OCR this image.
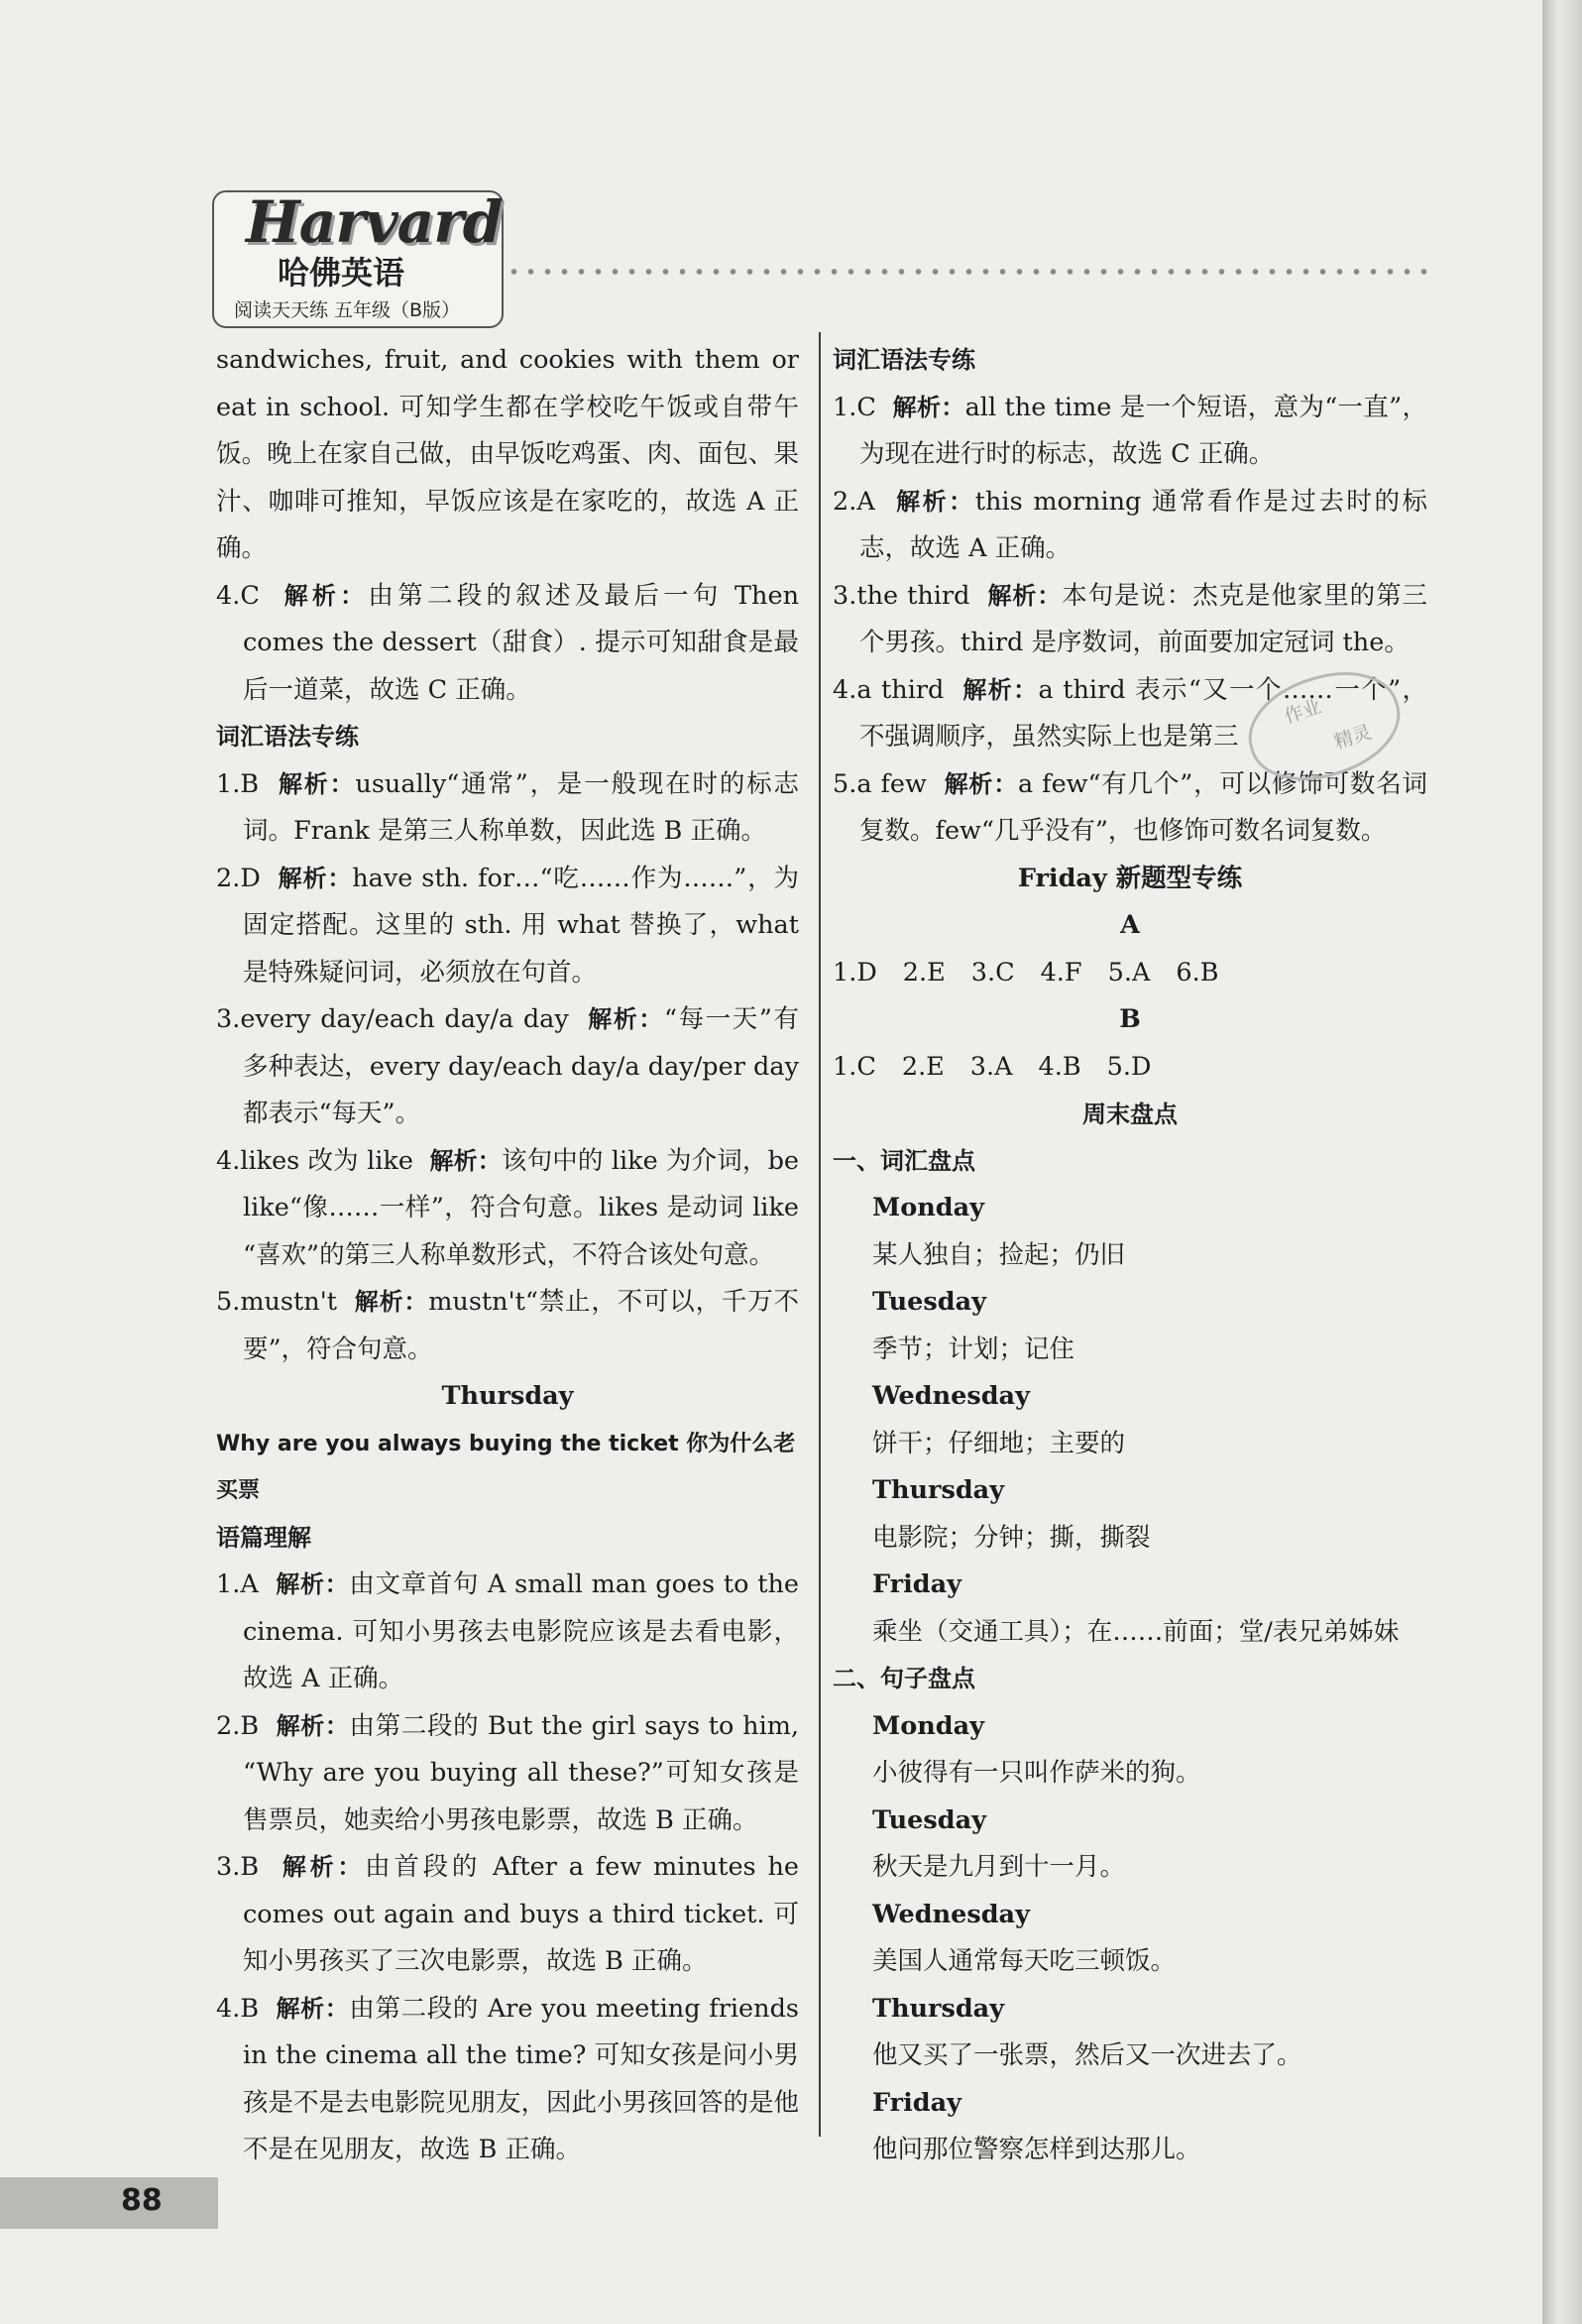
Harvard
哈佛英语
阅读天天练 五年级（B版）

sandwiches, fruit, and cookies with them or eat in school. 可知学生都在学校吃午饭或自带午饭。晚上在家自己做，由早饭吃鸡蛋、肉、面包、果汁、咖啡可推知，早饭应该是在家吃的，故选 A 正确。

4.C 解析：由第二段的叙述及最后一句 Then comes the dessert（甜食）. 提示可知甜食是最后一道菜，故选 C 正确。

词汇语法专练

1.B 解析：usually“通常”，是一般现在时的标志词。Frank 是第三人称单数，因此选 B 正确。

2.D 解析：have sth. for…“吃……作为……”，为固定搭配。这里的 sth. 用 what 替换了，what 是特殊疑问词，必须放在句首。

3.every day/each day/a day 解析：“每一天”有多种表达，every day/each day/a day/per day 都表示“每天”。

4.likes 改为 like 解析：该句中的 like 为介词，be like“像……一样”，符合句意。likes 是动词 like “喜欢”的第三人称单数形式，不符合该处句意。

5.mustn't 解析：mustn't“禁止，不可以，千万不要”，符合句意。

Thursday

Why are you always buying the ticket 你为什么老买票

语篇理解

1.A 解析：由文章首句 A small man goes to the cinema. 可知小男孩去电影院应该是去看电影，故选 A 正确。

2.B 解析：由第二段的 But the girl says to him, “Why are you buying all these?”可知女孩是售票员，她卖给小男孩电影票，故选 B 正确。

3.B 解析：由首段的 After a few minutes he comes out again and buys a third ticket. 可知小男孩买了三次电影票，故选 B 正确。

4.B 解析：由第二段的 Are you meeting friends in the cinema all the time? 可知女孩是问小男孩是不是去电影院见朋友，因此小男孩回答的是他不是在见朋友，故选 B 正确。

词汇语法专练

1.C 解析：all the time 是一个短语，意为“一直”，为现在进行时的标志，故选 C 正确。

2.A 解析：this morning 通常看作是过去时的标志，故选 A 正确。

3.the third 解析：本句是说：杰克是他家里的第三个男孩。third 是序数词，前面要加定冠词 the。

4.a third 解析：a third 表示“又一个……一个”，不强调顺序，虽然实际上也是第三

5.a few 解析：a few“有几个”，可以修饰可数名词复数。few“几乎没有”，也修饰可数名词复数。

Friday 新题型专练

A

1.D 2.E 3.C 4.F 5.A 6.B

B

1.C 2.E 3.A 4.B 5.D

周末盘点

一、词汇盘点

Monday

某人独自；捡起；仍旧

Tuesday

季节；计划；记住

Wednesday

饼干；仔细地；主要的

Thursday

电影院；分钟；撕，撕裂

Friday

乘坐（交通工具）；在……前面；堂/表兄弟姊妹

二、句子盘点

Monday

小彼得有一只叫作萨米的狗。

Tuesday

秋天是九月到十一月。

Wednesday

美国人通常每天吃三顿饭。

Thursday

他又买了一张票，然后又一次进去了。

Friday

他问那位警察怎样到达那儿。

作业
精灵
88
